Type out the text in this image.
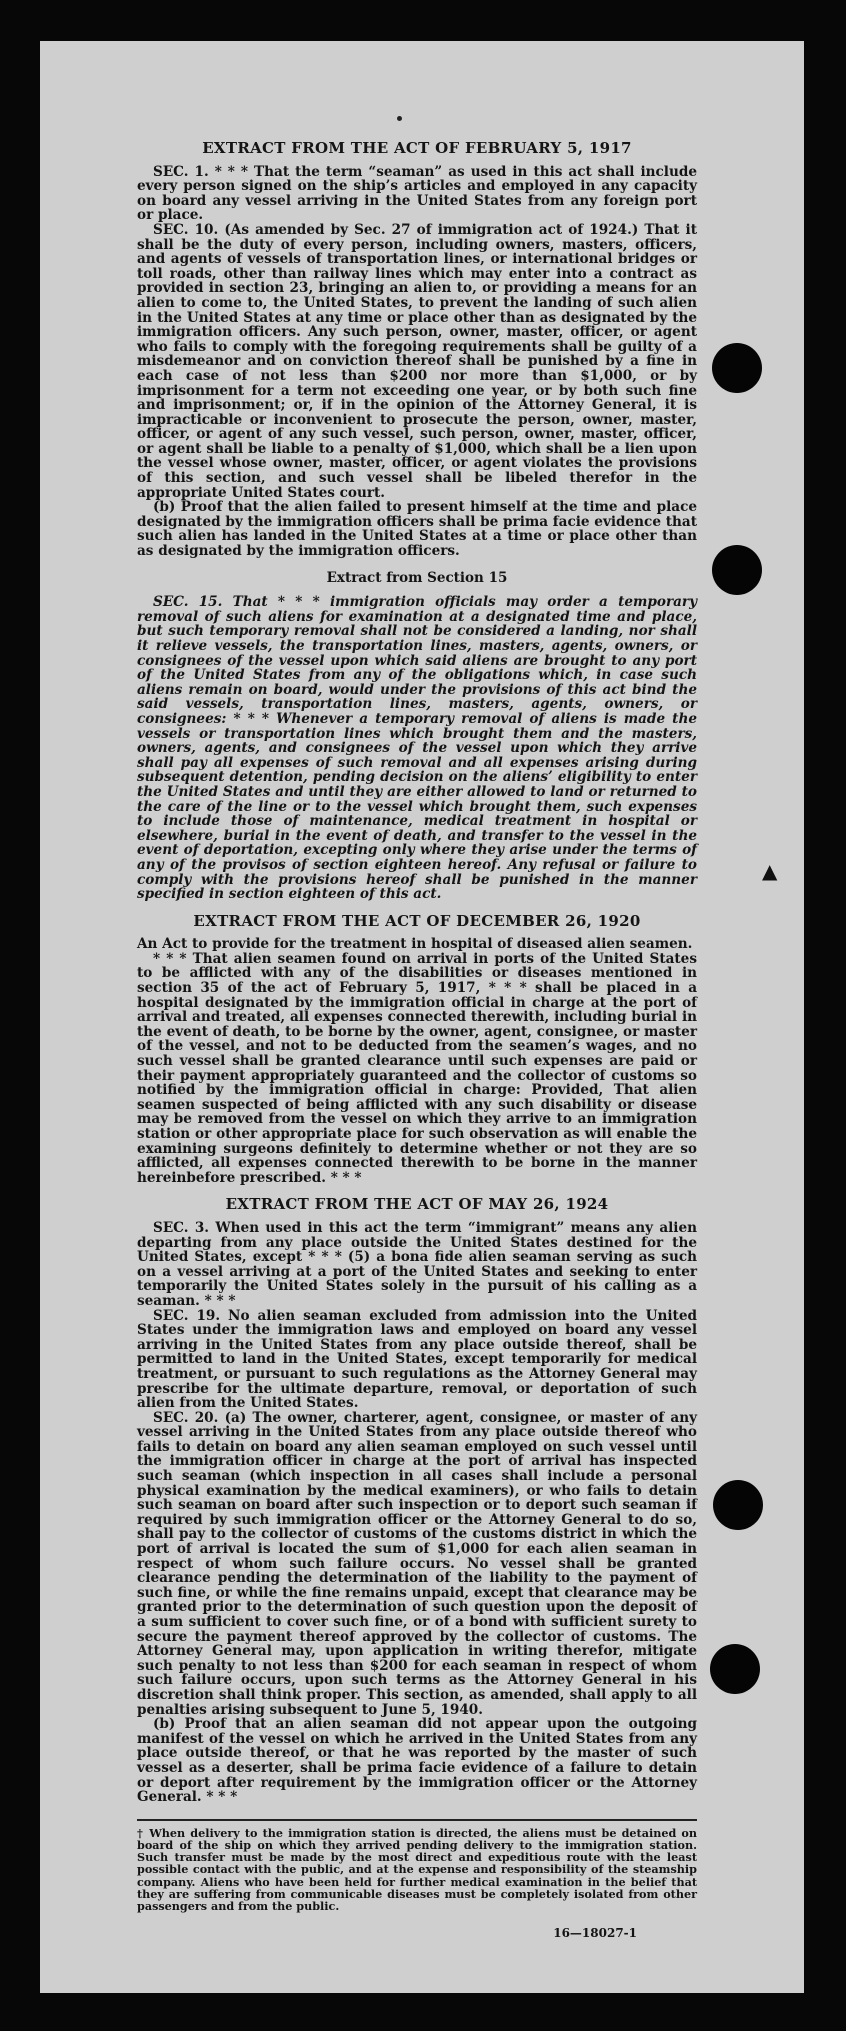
▲
EXTRACT FROM THE ACT OF FEBRUARY 5, 1917

SEC. 1. * * * That the term “seaman” as used in this act shall include every person signed on the ship’s articles and employed in any capacity on board any vessel arriving in the United States from any foreign port or place.

SEC. 10. (As amended by Sec. 27 of immigration act of 1924.) That it shall be the duty of every person, including owners, masters, officers, and agents of vessels of transportation lines, or international bridges or toll roads, other than railway lines which may enter into a contract as provided in section 23, bringing an alien to, or providing a means for an alien to come to, the United States, to prevent the landing of such alien in the United States at any time or place other than as designated by the immigration officers. Any such person, owner, master, officer, or agent who fails to comply with the foregoing requirements shall be guilty of a misdemeanor and on conviction thereof shall be punished by a fine in each case of not less than $200 nor more than $1,000, or by imprisonment for a term not exceeding one year, or by both such fine and imprisonment; or, if in the opinion of the Attorney General, it is impracticable or inconvenient to prosecute the person, owner, master, officer, or agent of any such vessel, such person, owner, master, officer, or agent shall be liable to a penalty of $1,000, which shall be a lien upon the vessel whose owner, master, officer, or agent violates the provisions of this section, and such vessel shall be libeled therefor in the appropriate United States court.

(b) Proof that the alien failed to present himself at the time and place designated by the immigration officers shall be prima facie evidence that such alien has landed in the United States at a time or place other than as designated by the immigration officers.

Extract from Section 15

SEC. 15. That * * * immigration officials may order a temporary removal of such aliens for examination at a designated time and place, but such temporary removal shall not be considered a landing, nor shall it relieve vessels, the transportation lines, masters, agents, owners, or consignees of the vessel upon which said aliens are brought to any port of the United States from any of the obligations which, in case such aliens remain on board, would under the provisions of this act bind the said vessels, transportation lines, masters, agents, owners, or consignees: * * * Whenever a temporary removal of aliens is made the vessels or transportation lines which brought them and the masters, owners, agents, and consignees of the vessel upon which they arrive shall pay all expenses of such removal and all expenses arising during subsequent detention, pending decision on the aliens’ eligibility to enter the United States and until they are either allowed to land or returned to the care of the line or to the vessel which brought them, such expenses to include those of maintenance, medical treatment in hospital or elsewhere, burial in the event of death, and transfer to the vessel in the event of deportation, excepting only where they arise under the terms of any of the provisos of section eighteen hereof. Any refusal or failure to comply with the provisions hereof shall be punished in the manner specified in section eighteen of this act.

EXTRACT FROM THE ACT OF DECEMBER 26, 1920

An Act to provide for the treatment in hospital of diseased alien seamen.

* * * That alien seamen found on arrival in ports of the United States to be afflicted with any of the disabilities or diseases mentioned in section 35 of the act of February 5, 1917, * * * shall be placed in a hospital designated by the immigration official in charge at the port of arrival and treated, all expenses connected therewith, including burial in the event of death, to be borne by the owner, agent, consignee, or master of the vessel, and not to be deducted from the seamen’s wages, and no such vessel shall be granted clearance until such expenses are paid or their payment appropriately guaranteed and the collector of customs so notified by the immigration official in charge: Provided, That alien seamen suspected of being afflicted with any such disability or disease may be removed from the vessel on which they arrive to an immigration station or other appropriate place for such observation as will enable the examining surgeons definitely to determine whether or not they are so afflicted, all expenses connected therewith to be borne in the manner hereinbefore prescribed. * * *

EXTRACT FROM THE ACT OF MAY 26, 1924

SEC. 3. When used in this act the term “immigrant” means any alien departing from any place outside the United States destined for the United States, except * * * (5) a bona fide alien seaman serving as such on a vessel arriving at a port of the United States and seeking to enter temporarily the United States solely in the pursuit of his calling as a seaman. * * *

SEC. 19. No alien seaman excluded from admission into the United States under the immigration laws and employed on board any vessel arriving in the United States from any place outside thereof, shall be permitted to land in the United States, except temporarily for medical treatment, or pursuant to such regulations as the Attorney General may prescribe for the ultimate departure, removal, or deportation of such alien from the United States.

SEC. 20. (a) The owner, charterer, agent, consignee, or master of any vessel arriving in the United States from any place outside thereof who fails to detain on board any alien seaman employed on such vessel until the immigration officer in charge at the port of arrival has inspected such seaman (which inspection in all cases shall include a personal physical examination by the medical examiners), or who fails to detain such seaman on board after such inspection or to deport such seaman if required by such immigration officer or the Attorney General to do so, shall pay to the collector of customs of the customs district in which the port of arrival is located the sum of $1,000 for each alien seaman in respect of whom such failure occurs. No vessel shall be granted clearance pending the determination of the liability to the payment of such fine, or while the fine remains unpaid, except that clearance may be granted prior to the determination of such question upon the deposit of a sum sufficient to cover such fine, or of a bond with sufficient surety to secure the payment thereof approved by the collector of customs. The Attorney General may, upon application in writing therefor, mitigate such penalty to not less than $200 for each seaman in respect of whom such failure occurs, upon such terms as the Attorney General in his discretion shall think proper. This section, as amended, shall apply to all penalties arising subsequent to June 5, 1940.

(b) Proof that an alien seaman did not appear upon the outgoing manifest of the vessel on which he arrived in the United States from any place outside thereof, or that he was reported by the master of such vessel as a deserter, shall be prima facie evidence of a failure to detain or deport after requirement by the immigration officer or the Attorney General. * * *

† When delivery to the immigration station is directed, the aliens must be detained on board of the ship on which they arrived pending delivery to the immigration station. Such transfer must be made by the most direct and expeditious route with the least possible contact with the public, and at the expense and responsibility of the steamship company. Aliens who have been held for further medical examination in the belief that they are suffering from communicable diseases must be completely isolated from other passengers and from the public.
16—18027-1
